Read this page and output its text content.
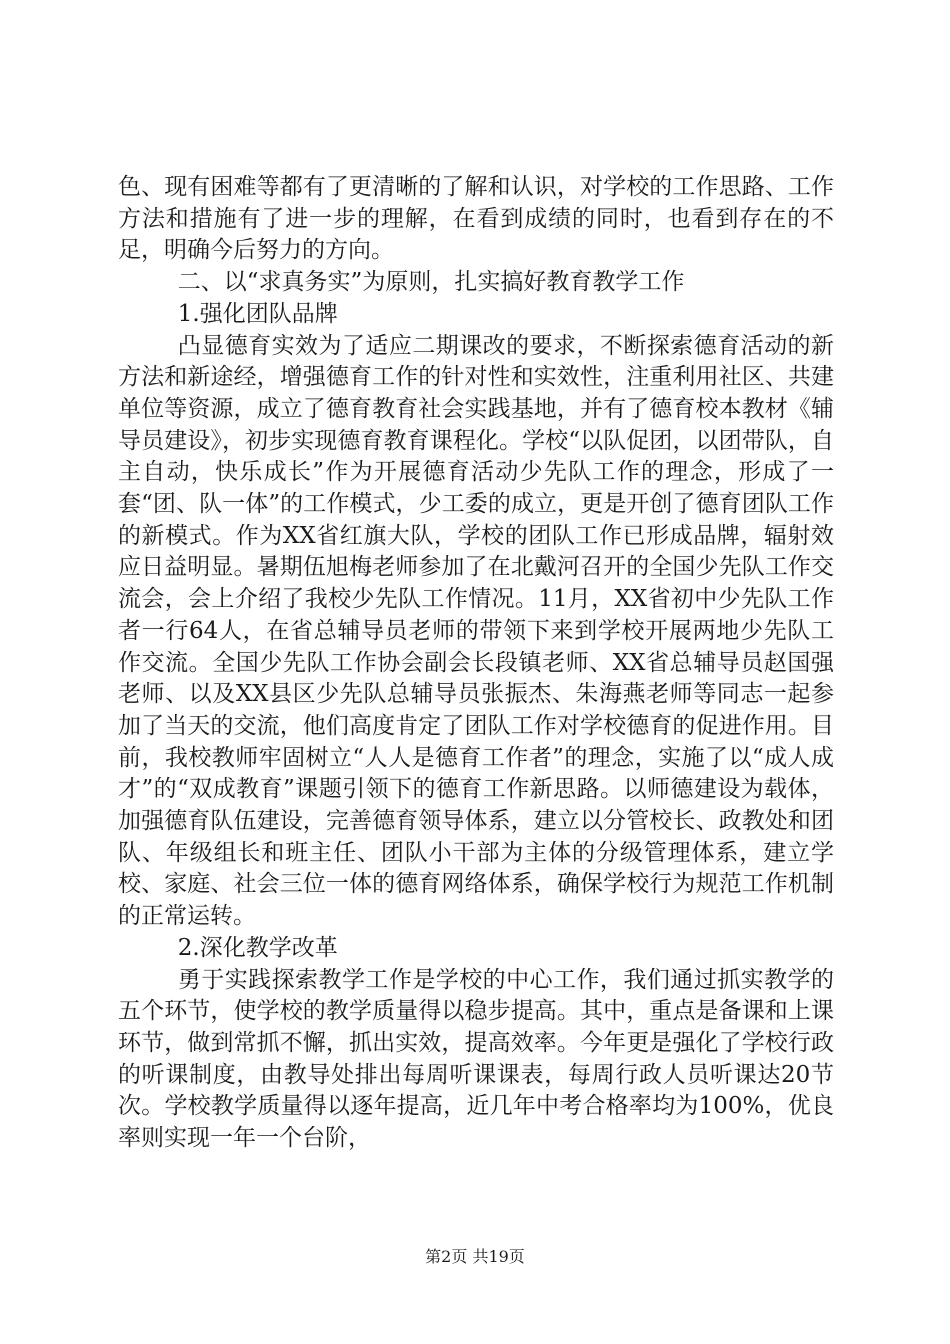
色、现有困难等都有了更清晰的了解和认识，对学校的工作思路、工作方法和措施有了进一步的理解，在看到成绩的同时，也看到存在的不足，明确今后努力的方向。

二、以“求真务实”为原则，扎实搞好教育教学工作

1.强化团队品牌

凸显德育实效为了适应二期课改的要求，不断探索德育活动的新方法和新途经，增强德育工作的针对性和实效性，注重利用社区、共建单位等资源，成立了德育教育社会实践基地，并有了德育校本教材《辅导员建设》，初步实现德育教育课程化。学校“以队促团，以团带队，自主自动，快乐成长”作为开展德育活动少先队工作的理念，形成了一套“团、队一体”的工作模式，少工委的成立，更是开创了德育团队工作的新模式。作为XX省红旗大队，学校的团队工作已形成品牌，辐射效应日益明显。暑期伍旭梅老师参加了在北戴河召开的全国少先队工作交流会，会上介绍了我校少先队工作情况。11月，XX省初中少先队工作者一行64人，在省总辅导员老师的带领下来到学校开展两地少先队工作交流。全国少先队工作协会副会长段镇老师、XX省总辅导员赵国强老师、以及XX县区少先队总辅导员张振杰、朱海燕老师等同志一起参加了当天的交流，他们高度肯定了团队工作对学校德育的促进作用。目前，我校教师牢固树立“人人是德育工作者”的理念，实施了以“成人成才”的“双成教育”课题引领下的德育工作新思路。以师德建设为载体，加强德育队伍建设，完善德育领导体系，建立以分管校长、政教处和团队、年级组长和班主任、团队小干部为主体的分级管理体系，建立学校、家庭、社会三位一体的德育网络体系，确保学校行为规范工作机制的正常运转。

2.深化教学改革

勇于实践探索教学工作是学校的中心工作，我们通过抓实教学的五个环节，使学校的教学质量得以稳步提高。其中，重点是备课和上课环节，做到常抓不懈，抓出实效，提高效率。今年更是强化了学校行政的听课制度，由教导处排出每周听课课表，每周行政人员听课达20节次。学校教学质量得以逐年提高，近几年中考合格率均为100%，优良率则实现一年一个台阶，

第2页 共19页
